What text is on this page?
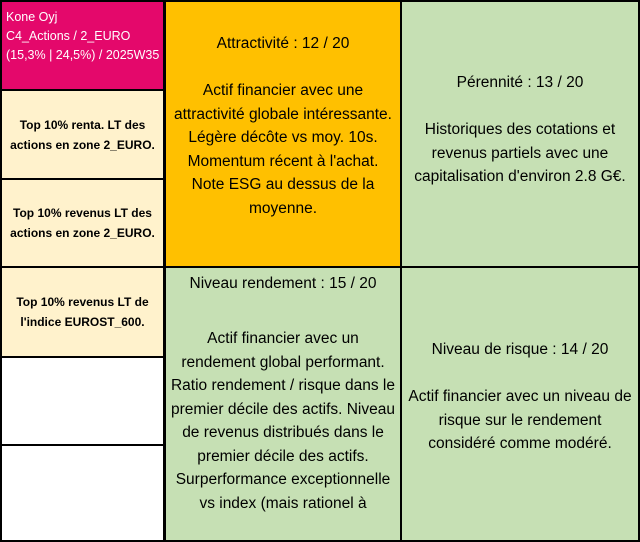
Kone Oyj
C4_Actions / 2_EURO
(15,3% | 24,5%) / 2025W35
Top 10% renta. LT des
actions en zone 2_EURO.
Top 10% revenus LT des
actions en zone 2_EURO.
Top 10% revenus LT de
l'indice EUROST_600.
Attractivité : 12 / 20
Actif financier avec une
attractivité globale intéressante.
Légère décôte vs moy. 10s.
Momentum récent à l'achat.
Note ESG au dessus de la
moyenne.
Pérennité : 13 / 20
Historiques des cotations et
revenus partiels avec une
capitalisation d'environ 2.8 G€.
Niveau rendement : 15 / 20
Actif financier avec un
rendement global performant.
Ratio rendement / risque dans le
premier décile des actifs. Niveau
de revenus distribués dans le
premier décile des actifs.
Surperformance exceptionnelle
vs index (mais rationel à
Niveau de risque : 14 / 20
Actif financier avec un niveau de
risque sur le rendement
considéré comme modéré.
